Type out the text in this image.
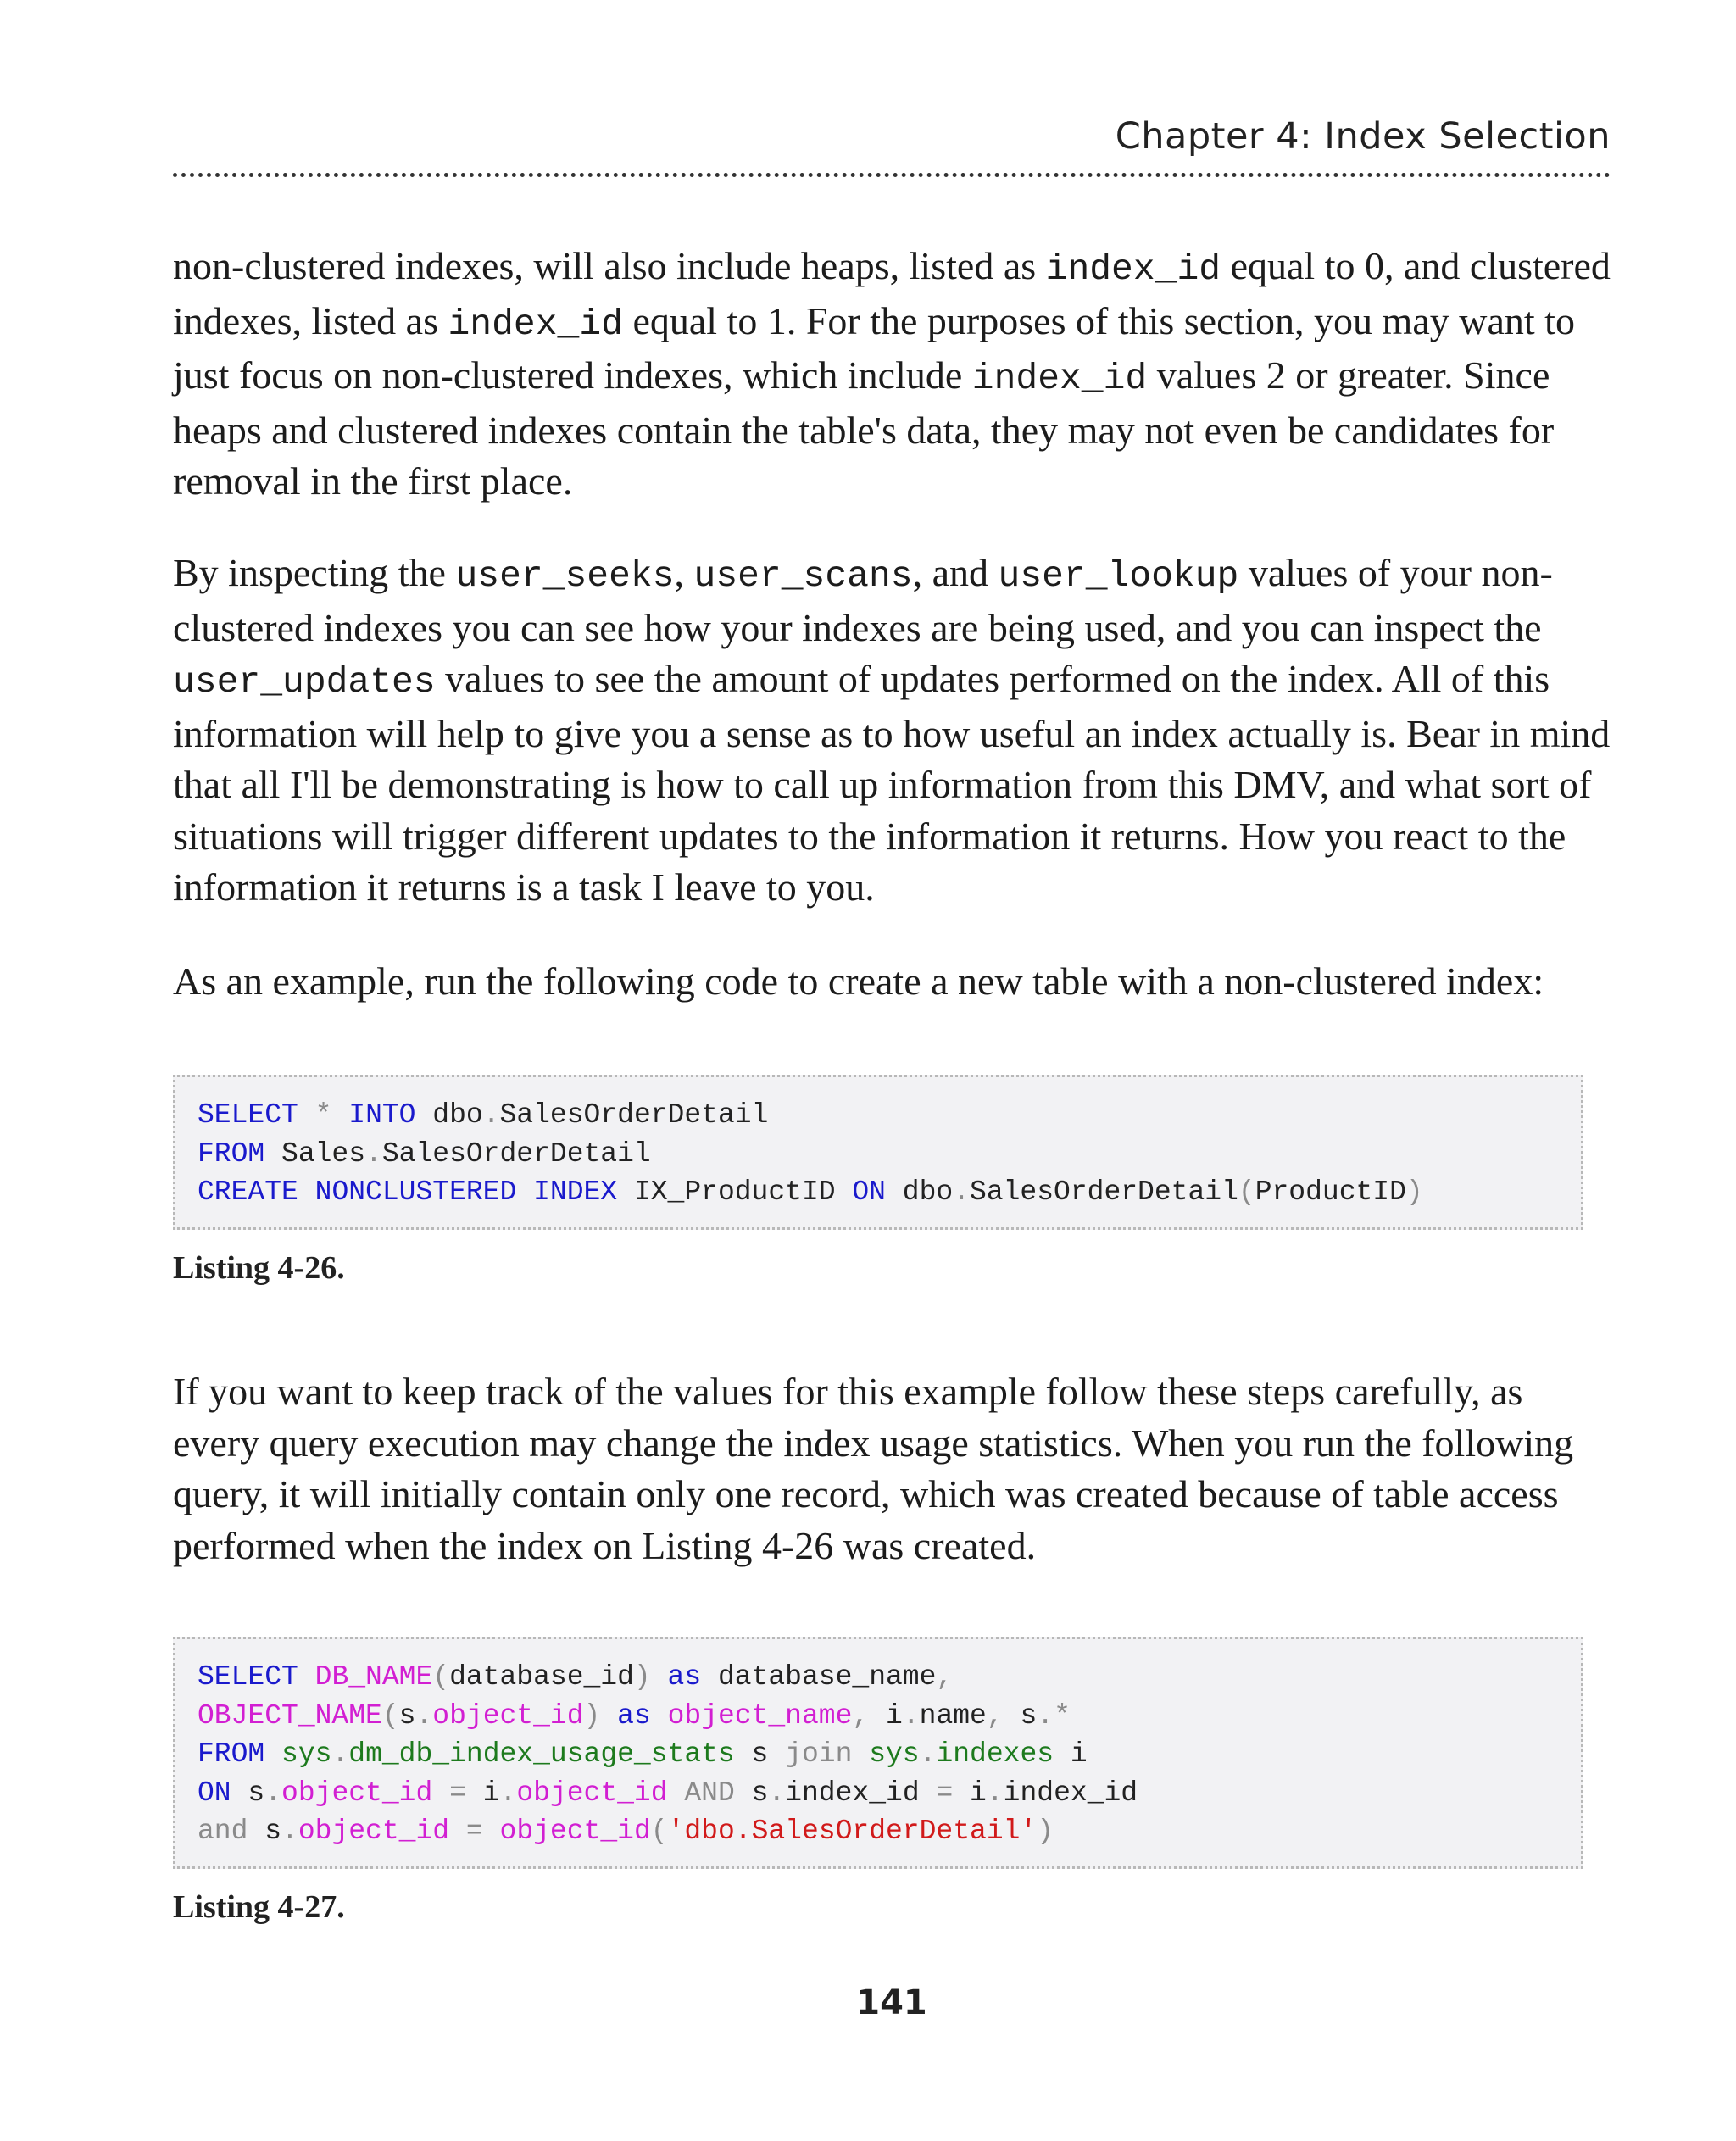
Chapter 4: Index Selection

non-clustered indexes, will also include heaps, listed as index_id equal to 0, and clustered indexes, listed as index_id equal to 1. For the purposes of this section, you may want to just focus on non-clustered indexes, which include index_id values 2 or greater. Since heaps and clustered indexes contain the table's data, they may not even be candidates for removal in the first place.

By inspecting the user_seeks, user_scans, and user_lookup values of your non-clustered indexes you can see how your indexes are being used, and you can inspect the user_updates values to see the amount of updates performed on the index. All of this information will help to give you a sense as to how useful an index actually is. Bear in mind that all I'll be demonstrating is how to call up information from this DMV, and what sort of situations will trigger different updates to the information it returns. How you react to the information it returns is a task I leave to you.

As an example, run the following code to create a new table with a non-clustered index:

SELECT * INTO dbo.SalesOrderDetail
FROM Sales.SalesOrderDetail
CREATE NONCLUSTERED INDEX IX_ProductID ON dbo.SalesOrderDetail(ProductID)
Listing 4-26.

If you want to keep track of the values for this example follow these steps carefully, as every query execution may change the index usage statistics. When you run the following query, it will initially contain only one record, which was created because of table access performed when the index on Listing 4-26 was created.

SELECT DB_NAME(database_id) as database_name,
OBJECT_NAME(s.object_id) as object_name, i.name, s.*
FROM sys.dm_db_index_usage_stats s join sys.indexes i
ON s.object_id = i.object_id AND s.index_id = i.index_id
and s.object_id = object_id('dbo.SalesOrderDetail')
Listing 4-27.
141
